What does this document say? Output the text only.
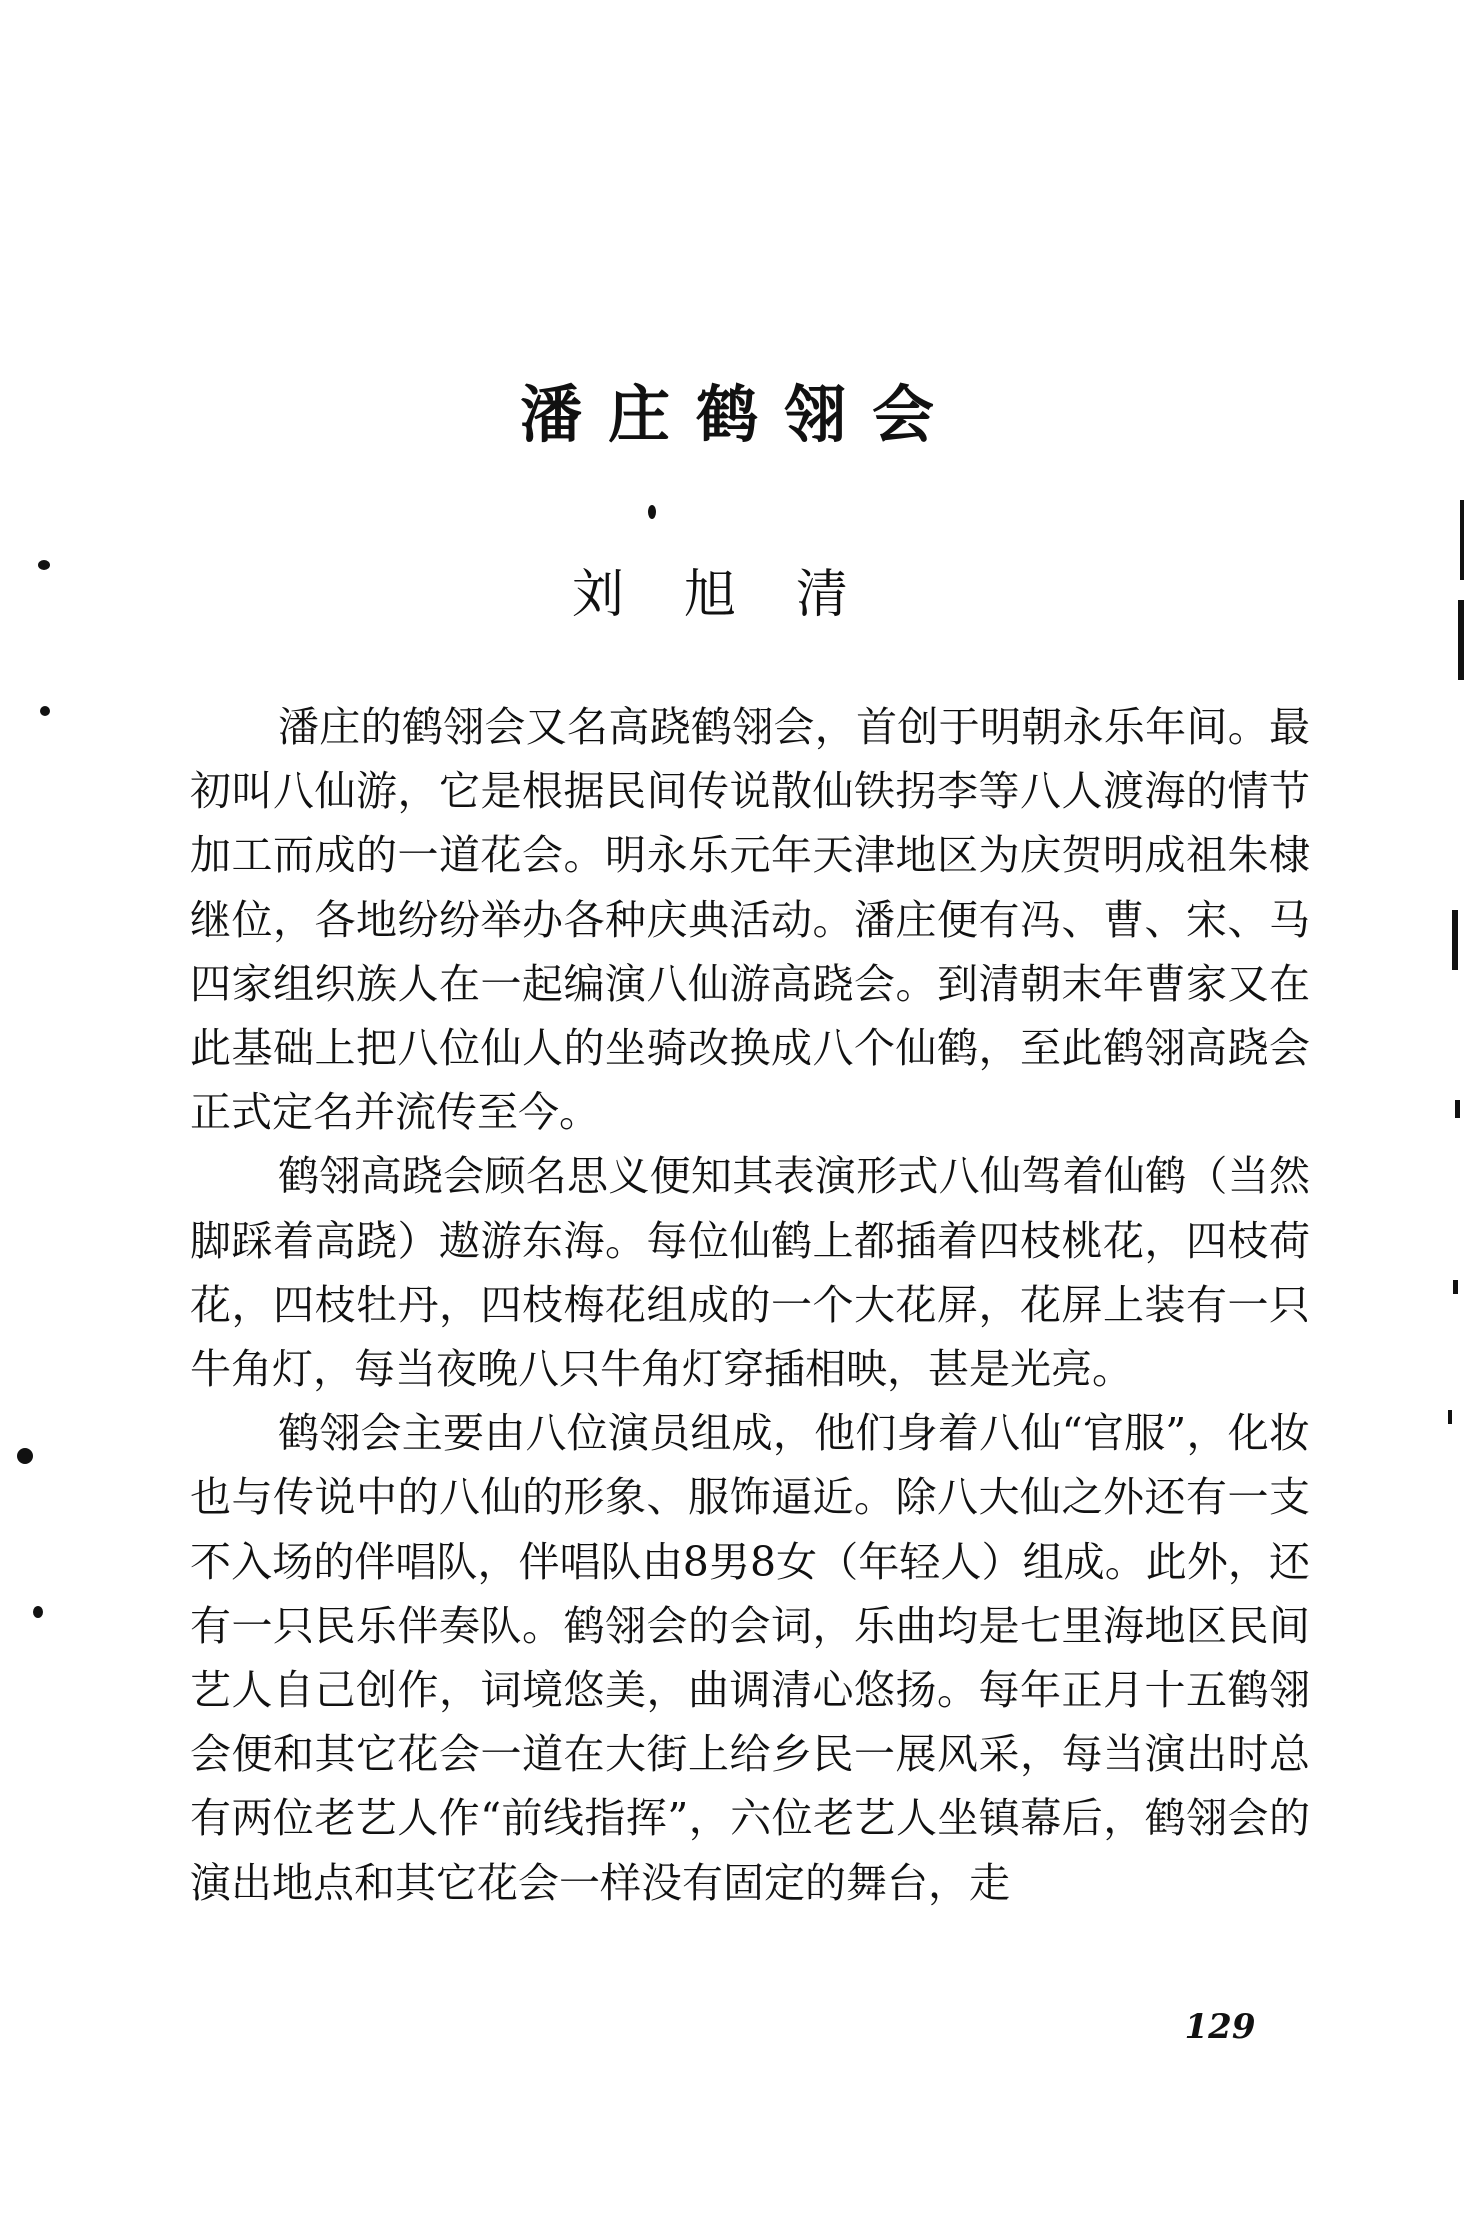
潘庄鹤翎会
刘旭清

潘庄的鹤翎会又名高跷鹤翎会，首创于明朝永乐年间。最初叫八仙游，它是根据民间传说散仙铁拐李等八人渡海的情节加工而成的一道花会。明永乐元年天津地区为庆贺明成祖朱棣继位，各地纷纷举办各种庆典活动。潘庄便有冯、曹、宋、马四家组织族人在一起编演八仙游高跷会。到清朝末年曹家又在此基础上把八位仙人的坐骑改换成八个仙鹤，至此鹤翎高跷会正式定名并流传至今。

鹤翎高跷会顾名思义便知其表演形式八仙驾着仙鹤（当然脚踩着高跷）遨游东海。每位仙鹤上都插着四枝桃花，四枝荷花，四枝牡丹，四枝梅花组成的一个大花屏，花屏上装有一只牛角灯，每当夜晚八只牛角灯穿插相映，甚是光亮。

鹤翎会主要由八位演员组成，他们身着八仙“官服”，化妆也与传说中的八仙的形象、服饰逼近。除八大仙之外还有一支不入场的伴唱队，伴唱队由8男8女（年轻人）组成。此外，还有一只民乐伴奏队。鹤翎会的会词，乐曲均是七里海地区民间艺人自己创作，词境悠美，曲调清心悠扬。每年正月十五鹤翎会便和其它花会一道在大街上给乡民一展风采，每当演出时总有两位老艺人作“前线指挥”，六位老艺人坐镇幕后，鹤翎会的演出地点和其它花会一样没有固定的舞台，走

129
